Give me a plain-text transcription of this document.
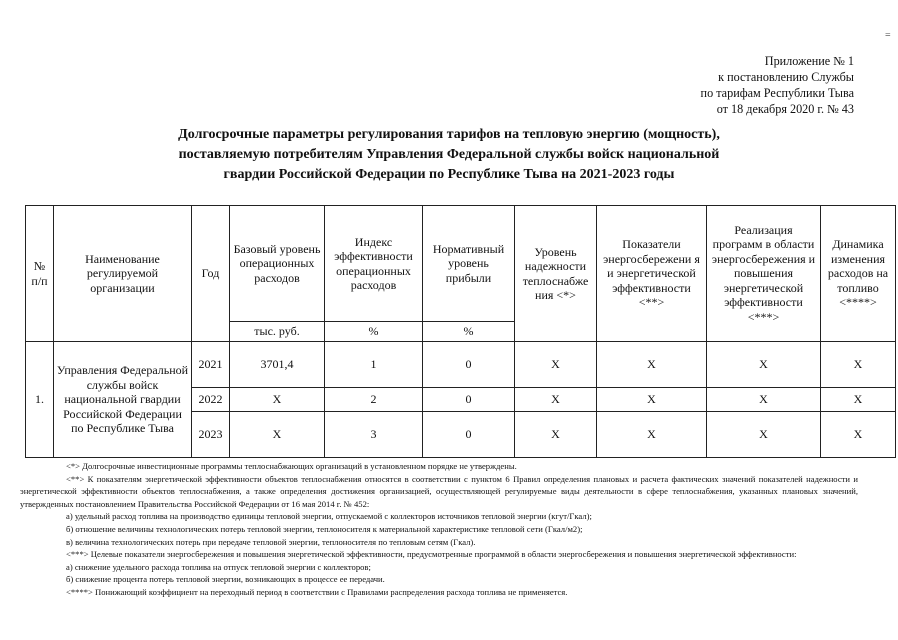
=
Приложение № 1
к постановлению Службы
по тарифам Республики Тыва
от 18 декабря 2020 г. № 43
Долгосрочные параметры регулирования тарифов на тепловую энергию (мощность),
поставляемую потребителям Управления Федеральной службы войск национальной
гвардии Российской Федерации по Республике Тыва на 2021-2023 годы
№ п/п	Наименование регулируемой организации	Год	Базовый уровень операционных расходов	Индекс эффективности операционных расходов	Нормативный уровень прибыли	Уровень надежности теплоснабже ния <*>	Показатели энергосбережени я и энергетической эффективности <**>	Реализация программ в области энергосбережения и повышения энергетической эффективности <***>	Динамика изменения расходов на топливо <****>
			тыс. руб.	%	%				
1.	Управления Федеральной службы войск национальной гвардии Российской Федерации по Республике Тыва	2021	3701,4	1	0	X	X	X	X
		2022	X	2	0	X	X	X	X
		2023	X	3	0	X	X	X	X
<*> Долгосрочные инвестиционные программы теплоснабжающих организаций в установленном порядке не утверждены.
<**> К показателям энергетической эффективности объектов теплоснабжения относятся в соответствии с пунктом 6 Правил определения плановых и расчета фактических значений показателей надежности и энергетической эффективности объектов теплоснабжения, а также определения достижения организацией, осуществляющей регулируемые виды деятельности в сфере теплоснабжения, указанных плановых значений, утвержденных постановлением Правительства Российской Федерации от 16 мая 2014 г. № 452:
а) удельный расход топлива на производство единицы тепловой энергии, отпускаемой с коллекторов источников тепловой энергии (кгут/Гкал);
б) отношение величины технологических потерь тепловой энергии, теплоносителя к материальной характеристике тепловой сети (Гкал/м2);
в) величина технологических потерь при передаче тепловой энергии, теплоносителя по тепловым сетям (Гкал).
<***> Целевые показатели энергосбережения и повышения энергетической эффективности, предусмотренные программой в области энергосбережения и повышения энергетической эффективности:
а) снижение удельного расхода топлива на отпуск тепловой энергии с коллекторов;
б) снижение процента потерь тепловой энергии, возникающих в процессе ее передачи.
<****> Понижающий коэффициент на переходный период в соответствии с Правилами распределения расхода топлива не применяется.
